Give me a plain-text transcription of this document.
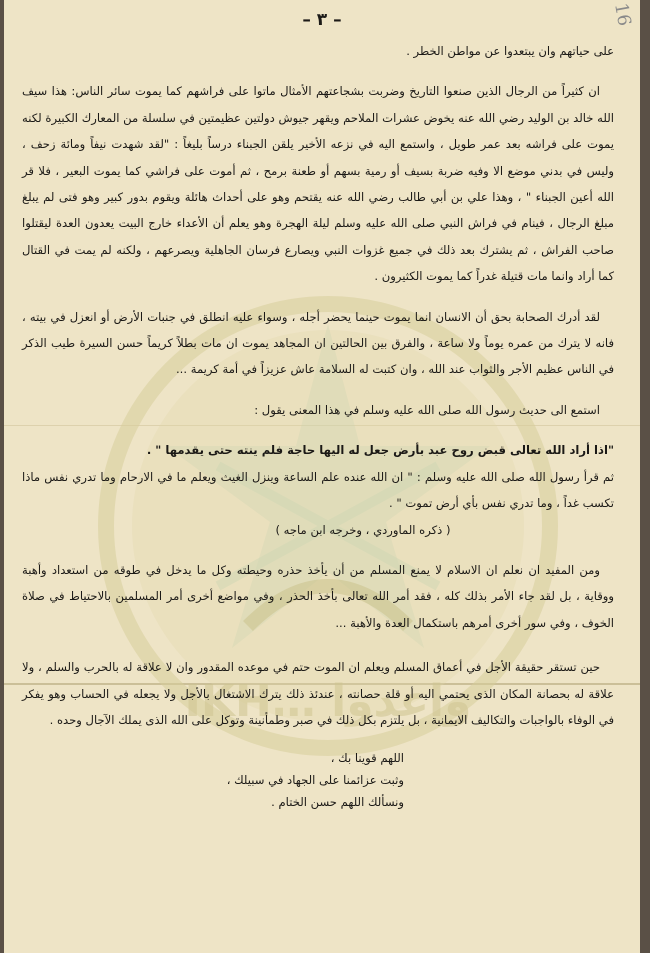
16
IKH… واعدوا
– ٣ –

على حياتهم وان يبتعدوا عن مواطن الخطر .

ان كثيراً من الرجال الذين صنعوا التاريخ وضربت بشجاعتهم الأمثال ماتوا على فراشهم كما يموت سائر الناس: هذا سيف الله خالد بن الوليد رضي الله عنه يخوض عشرات الملاحم ويقهر جيوش دولتين عظيمتين في سلسلة من المعارك الكبيرة لكنه يموت على فراشه بعد عمر طويل ، واستمع اليه في نزعه الأخير يلقن الجبناء درساً بليغاً : "لقد شهدت نيفاً ومائة زحف ، وليس في بدني موضع الا وفيه ضربة بسيف أو رمية بسهم أو طعنة برمح ، ثم أموت على فراشي كما يموت البعير ، فلا قر الله أعين الجبناء " ، وهذا علي بن أبي طالب رضي الله عنه يقتحم وهو على أحداث هائلة ويقوم بدور كبير وهو فتى لم يبلغ مبلغ الرجال ، فينام في فراش النبي صلى الله عليه وسلم ليلة الهجرة وهو يعلم أن الأعداء خارج البيت يعدون العدة ليقتلوا صاحب الفراش ، ثم يشترك بعد ذلك في جميع غزوات النبي ويصارع فرسان الجاهلية ويصرعهم ، ولكنه لم يمت في القتال كما أراد وانما مات قتيلة غدراً كما يموت الكثيرون .

لقد أدرك الصحابة بحق أن الانسان انما يموت حينما يحضر أجله ، وسواء عليه انطلق في جنبات الأرض أو انعزل في بيته ، فانه لا يترك من عمره يوماً ولا ساعة ، والفرق بين الحالتين ان المجاهد يموت ان مات بطلاً كريماً حسن السيرة طيب الذكر في الناس عظيم الأجر والثواب عند الله ، وان كتبت له السلامة عاش عزيزاً في أمة كريمة ...

استمع الى حديث رسول الله صلى الله عليه وسلم في هذا المعنى يقول :

"اذا أراد الله تعالى قبض روح عبد بأرض جعل له اليها حاجة فلم ينته حتى يقدمها " .

ثم قرأ رسول الله صلى الله عليه وسلم : " ان الله عنده علم الساعة وينزل الغيث ويعلم ما في الارحام وما تدري نفس ماذا تكسب غداً ، وما تدري نفس بأي أرض تموت " .

( ذكره الماوردي ، وخرجه ابن ماجه )

ومن المفيد ان نعلم ان الاسلام لا يمنع المسلم من أن يأخذ حذره وحيطته وكل ما يدخل في طوقه من استعداد وأهبة ووقاية ، بل لقد جاء الأمر بذلك كله ، فقد أمر الله تعالى بأخذ الحذر ، وفي مواضع أخرى أمر المسلمين بالاحتياط في صلاة الخوف ، وفي سور أخرى أمرهم باستكمال العدة والأهبة ...

حين تستقر حقيقة الأجل في أعماق المسلم ويعلم ان الموت حتم في موعده المقدور وان لا علاقة له بالحرب والسلم ، ولا علاقة له بحصانة المكان الذى يحتمي اليه أو قلة حصانته ، عندئذ ذلك يترك الاشتغال بالأجل ولا يجعله في الحساب وهو يفكر في الوفاء بالواجبات والتكاليف الايمانية ، بل يلتزم بكل ذلك في صبر وطمأنينة وتوكل على الله الذى يملك الآجال وحده .

اللهم قوينا بك ،

وثبت عزائمنا على الجهاد في سبيلك ،

ونسألك اللهم حسن الختام .
